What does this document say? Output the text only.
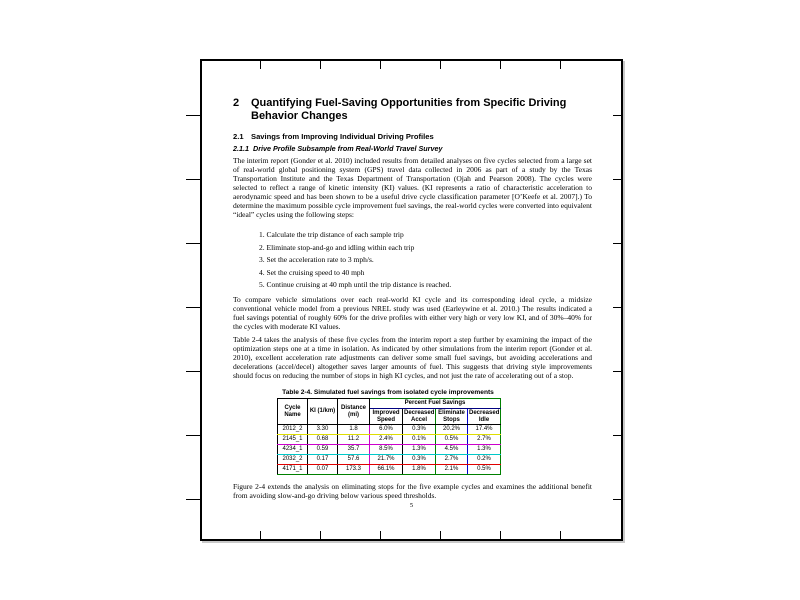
2	Quantifying Fuel-Saving Opportunities from Specific Driving Behavior Changes
2.1 Savings from Improving Individual Driving Profiles
2.1.1 Drive Profile Subsample from Real-World Travel Survey
The interim report (Gonder et al. 2010) included results from detailed analyses on five cycles selected from a large set of real-world global positioning system (GPS) travel data collected in 2006 as part of a study by the Texas Transportation Institute and the Texas Department of Transportation (Ojah and Pearson 2008). The cycles were selected to reflect a range of kinetic intensity (KI) values. (KI represents a ratio of characteristic acceleration to aerodynamic speed and has been shown to be a useful drive cycle classification parameter [O’Keefe et al. 2007].) To determine the maximum possible cycle improvement fuel savings, the real-world cycles were converted into equivalent “ideal” cycles using the following steps:
1. Calculate the trip distance of each sample trip
2. Eliminate stop-and-go and idling within each trip
3. Set the acceleration rate to 3 mph/s.
4. Set the cruising speed to 40 mph
5. Continue cruising at 40 mph until the trip distance is reached.
To compare vehicle simulations over each real-world KI cycle and its corresponding ideal cycle, a midsize conventional vehicle model from a previous NREL study was used (Earleywine et al. 2010.) The results indicated a fuel savings potential of roughly 60% for the drive profiles with either very high or very low KI, and of 30%–40% for the cycles with moderate KI values.
Table 2-4 takes the analysis of these five cycles from the interim report a step further by examining the impact of the optimization steps one at a time in isolation. As indicated by other simulations from the interim report (Gonder et al. 2010), excellent acceleration rate adjustments can deliver some small fuel savings, but avoiding accelerations and decelerations (accel/decel) altogether saves larger amounts of fuel. This suggests that driving style improvements should focus on reducing the number of stops in high KI cycles, and not just the rate of accelerating out of a stop.
Table 2-4. Simulated fuel savings from isolated cycle improvements
Cycle Name	KI (1/km)	Distance (mi)	Percent Fuel Savings			
			Improved Speed	Decreased Accel	Eliminate Stops	Decreased Idle
2012_2	3.30	1.8	6.0%	0.3%	20.2%	17.4%
2145_1	0.68	11.2	2.4%	0.1%	0.5%	2.7%
4234_1	0.59	35.7	8.5%	1.3%	4.5%	1.3%
2032_2	0.17	57.6	21.7%	0.3%	2.7%	0.2%
4171_1	0.07	173.3	66.1%	1.8%	2.1%	0.5%
Figure 2-4 extends the analysis on eliminating stops for the five example cycles and examines the additional benefit from avoiding slow-and-go driving below various speed thresholds.
5
